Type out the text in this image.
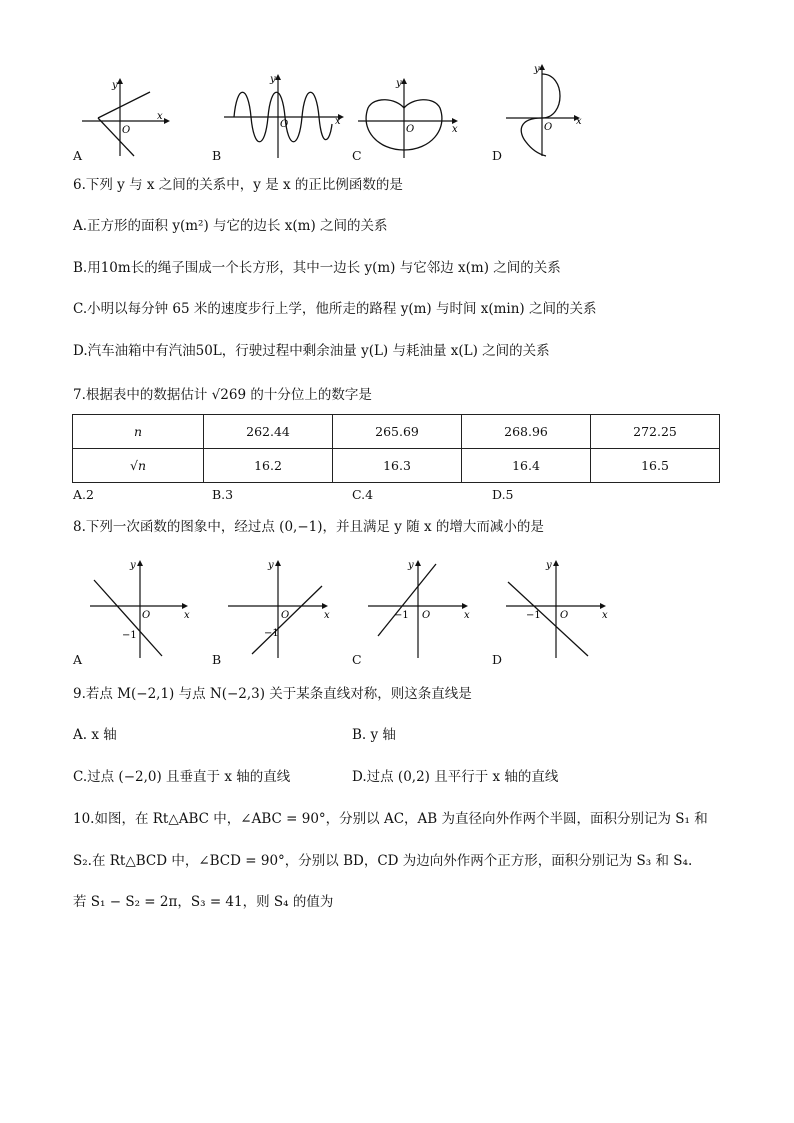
y
x
O
A
y
x
O
B
y
x
O
C
y
x
O
D
6.下列 y 与 x 之间的关系中，y 是 x 的正比例函数的是
A.正方形的面积 y(m²) 与它的边长 x(m) 之间的关系
B.用10m长的绳子围成一个长方形，其中一边长 y(m) 与它邻边 x(m) 之间的关系
C.小明以每分钟 65 米的速度步行上学，他所走的路程 y(m) 与时间 x(min) 之间的关系
D.汽车油箱中有汽油50L，行驶过程中剩余油量 y(L) 与耗油量 x(L) 之间的关系
7.根据表中的数据估计 √269 的十分位上的数字是
n	262.44	265.69	268.96	272.25
√n	16.2	16.3	16.4	16.5
A.2	B.3	C.4	D.5
8.下列一次函数的图象中，经过点 (0,−1)，并且满足 y 随 x 的增大而减小的是
y
x
O
−1
A
y
x
O
−1
B
y
x
O
−1
C
y
x
O
−1
D
9.若点 M(−2,1) 与点 N(−2,3) 关于某条直线对称，则这条直线是
A. x 轴	B. y 轴
C.过点 (−2,0) 且垂直于 x 轴的直线	D.过点 (0,2) 且平行于 x 轴的直线
10.如图，在 Rt△ABC 中，∠ABC = 90°，分别以 AC，AB 为直径向外作两个半圆，面积分别记为 S₁ 和
S₂.在 Rt△BCD 中，∠BCD = 90°，分别以 BD，CD 为边向外作两个正方形，面积分别记为 S₃ 和 S₄.
若 S₁ − S₂ = 2π，S₃ = 41，则 S₄ 的值为
